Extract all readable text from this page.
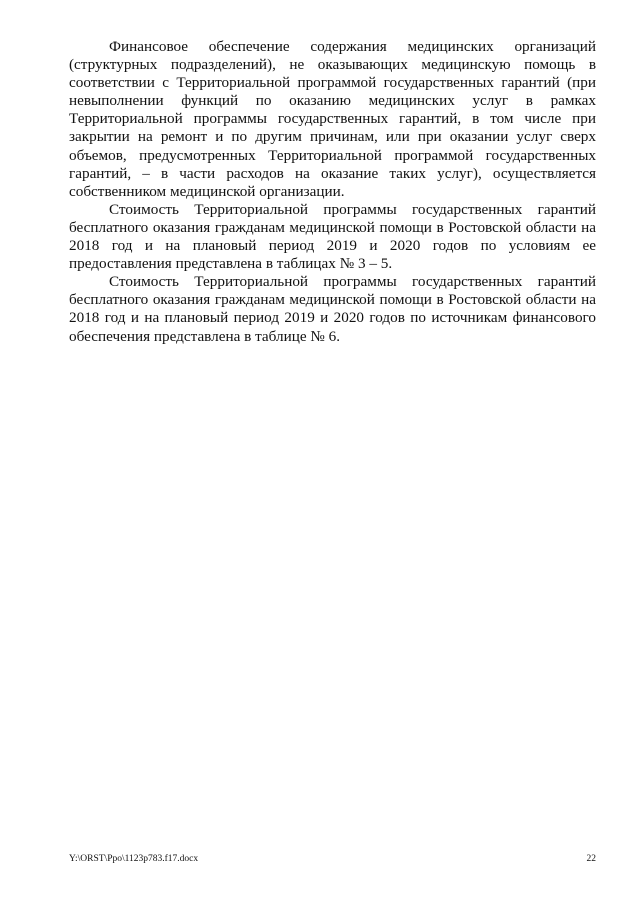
Финансовое обеспечение содержания медицинских организаций (структурных подразделений), не оказывающих медицинскую помощь в соответствии с Территориальной программой государственных гарантий (при невыполнении функций по оказанию медицинских услуг в рамках Территориальной программы государственных гарантий, в том числе при закрытии на ремонт и по другим причинам, или при оказании услуг сверх объемов, предусмотренных Территориальной программой государственных гарантий, – в части расходов на оказание таких услуг), осуществляется собственником медицинской организации.

Стоимость Территориальной программы государственных гарантий бесплатного оказания гражданам медицинской помощи в Ростовской области на 2018 год и на плановый период 2019 и 2020 годов по условиям ее предоставления представлена в таблицах № 3 – 5.

Стоимость Территориальной программы государственных гарантий бесплатного оказания гражданам медицинской помощи в Ростовской области на 2018 год и на плановый период 2019 и 2020 годов по источникам финансового обеспечения представлена в таблице № 6.

Y:\ORST\Ppo\1123p783.f17.docx	22
